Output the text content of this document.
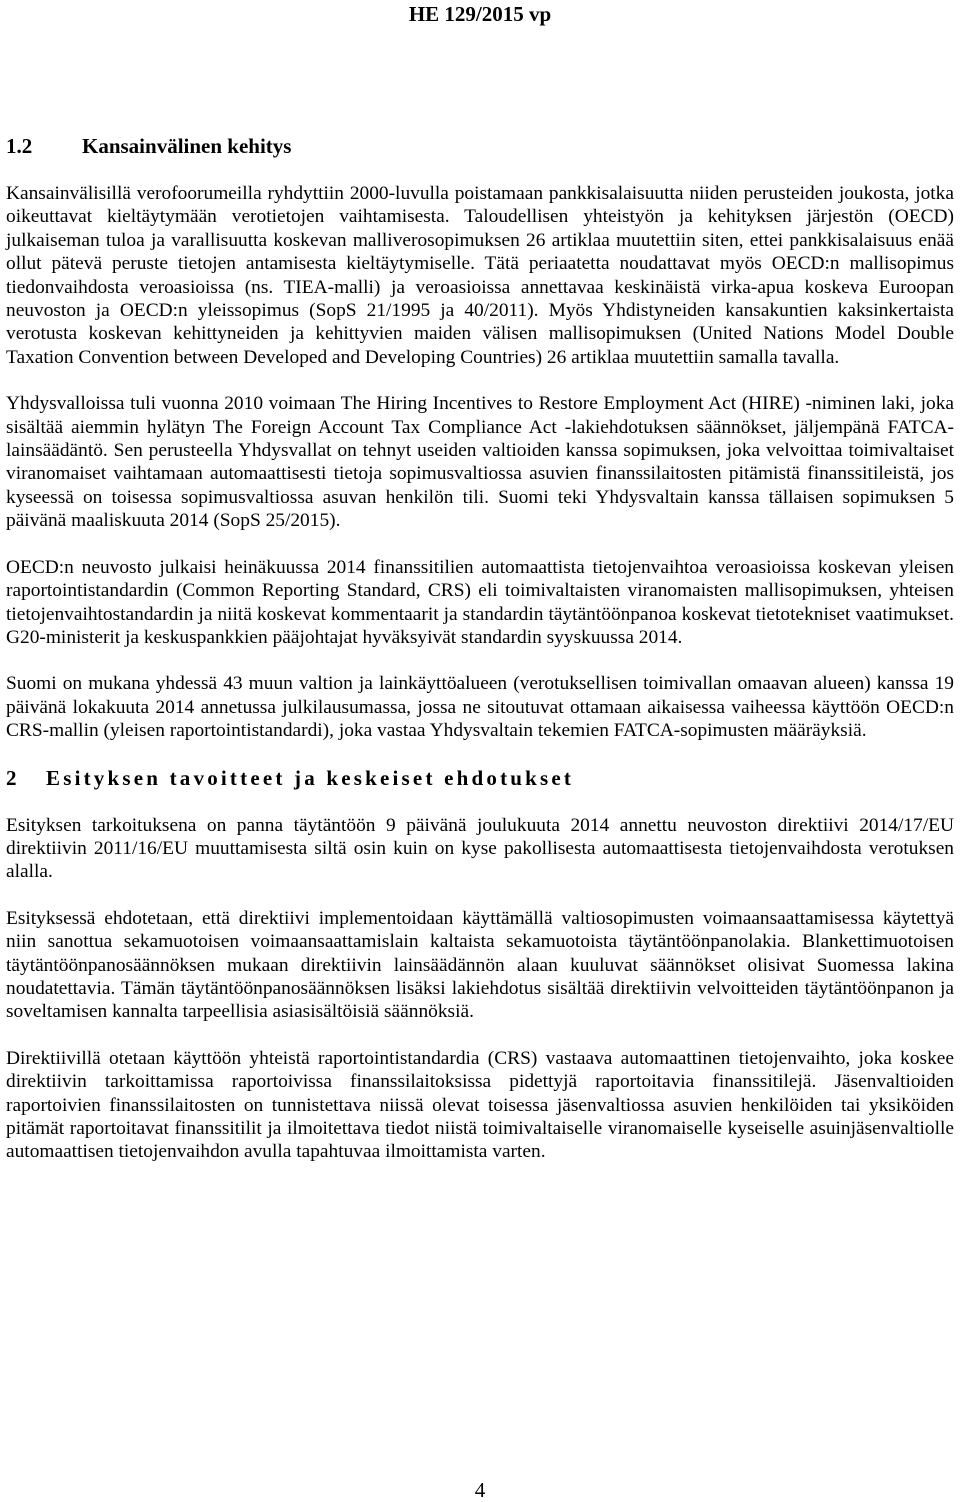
HE 129/2015 vp
1.2	Kansainvälinen kehitys

Kansainvälisillä verofoorumeilla ryhdyttiin 2000-luvulla poistamaan pankkisalaisuutta niiden perusteiden joukosta, jotka oikeuttavat kieltäytymään verotietojen vaihtamisesta. Taloudellisen yhteistyön ja kehityksen järjestön (OECD) julkaiseman tuloa ja varallisuutta koskevan malliverosopimuksen 26 artiklaa muutettiin siten, ettei pankkisalaisuus enää ollut pätevä peruste tietojen antamisesta kieltäytymiselle. Tätä periaatetta noudattavat myös OECD:n mallisopimus tiedonvaihdosta veroasioissa (ns. TIEA-malli) ja veroasioissa annettavaa keskinäistä virka-apua koskeva Euroopan neuvoston ja OECD:n yleissopimus (SopS 21/1995 ja 40/2011). Myös Yhdistyneiden kansakuntien kaksinkertaista verotusta koskevan kehittyneiden ja kehittyvien maiden välisen mallisopimuksen (United Nations Model Double Taxation Convention between Developed and Developing Countries) 26 artiklaa muutettiin samalla tavalla.

Yhdysvalloissa tuli vuonna 2010 voimaan The Hiring Incentives to Restore Employment Act (HIRE) -niminen laki, joka sisältää aiemmin hylätyn The Foreign Account Tax Compliance Act -lakiehdotuksen säännökset, jäljempänä FATCA-lainsäädäntö. Sen perusteella Yhdysvallat on tehnyt useiden valtioiden kanssa sopimuksen, joka velvoittaa toimivaltaiset viranomaiset vaihtamaan automaattisesti tietoja sopimusvaltiossa asuvien finanssilaitosten pitämistä finanssitileistä, jos kyseessä on toisessa sopimusvaltiossa asuvan henkilön tili. Suomi teki Yhdysvaltain kanssa tällaisen sopimuksen 5 päivänä maaliskuuta 2014 (SopS 25/2015).

OECD:n neuvosto julkaisi heinäkuussa 2014 finanssitilien automaattista tietojenvaihtoa veroasioissa koskevan yleisen raportointistandardin (Common Reporting Standard, CRS) eli toimivaltaisten viranomaisten mallisopimuksen, yhteisen tietojenvaihtostandardin ja niitä koskevat kommentaarit ja standardin täytäntöönpanoa koskevat tietotekniset vaatimukset. G20-ministerit ja keskuspankkien pääjohtajat hyväksyivät standardin syyskuussa 2014.

Suomi on mukana yhdessä 43 muun valtion ja lainkäyttöalueen (verotuksellisen toimivallan omaavan alueen) kanssa 19 päivänä lokakuuta 2014 annetussa julkilausumassa, jossa ne sitoutuvat ottamaan aikaisessa vaiheessa käyttöön OECD:n CRS-mallin (yleisen raportointistandardi), joka vastaa Yhdysvaltain tekemien FATCA-sopimusten määräyksiä.

2	Esityksen tavoitteet ja keskeiset ehdotukset

Esityksen tarkoituksena on panna täytäntöön 9 päivänä joulukuuta 2014 annettu neuvoston direktiivi 2014/17/EU direktiivin 2011/16/EU muuttamisesta siltä osin kuin on kyse pakollisesta automaattisesta tietojenvaihdosta verotuksen alalla.

Esityksessä ehdotetaan, että direktiivi implementoidaan käyttämällä valtiosopimusten voimaansaattamisessa käytettyä niin sanottua sekamuotoisen voimaansaattamislain kaltaista sekamuotoista täytäntöönpanolakia. Blankettimuotoisen täytäntöönpanosäännöksen mukaan direktiivin lainsäädännön alaan kuuluvat säännökset olisivat Suomessa lakina noudatettavia. Tämän täytäntöönpanosäännöksen lisäksi lakiehdotus sisältää direktiivin velvoitteiden täytäntöönpanon ja soveltamisen kannalta tarpeellisia asiasisältöisiä säännöksiä.

Direktiivillä otetaan käyttöön yhteistä raportointistandardia (CRS) vastaava automaattinen tietojenvaihto, joka koskee direktiivin tarkoittamissa raportoivissa finanssilaitoksissa pidettyjä raportoitavia finanssitilejä. Jäsenvaltioiden raportoivien finanssilaitosten on tunnistettava niissä olevat toisessa jäsenvaltiossa asuvien henkilöiden tai yksiköiden pitämät raportoitavat finanssitilit ja ilmoitettava tiedot niistä toimivaltaiselle viranomaiselle kyseiselle asuinjäsenvaltiolle automaattisen tietojenvaihdon avulla tapahtuvaa ilmoittamista varten.

4
